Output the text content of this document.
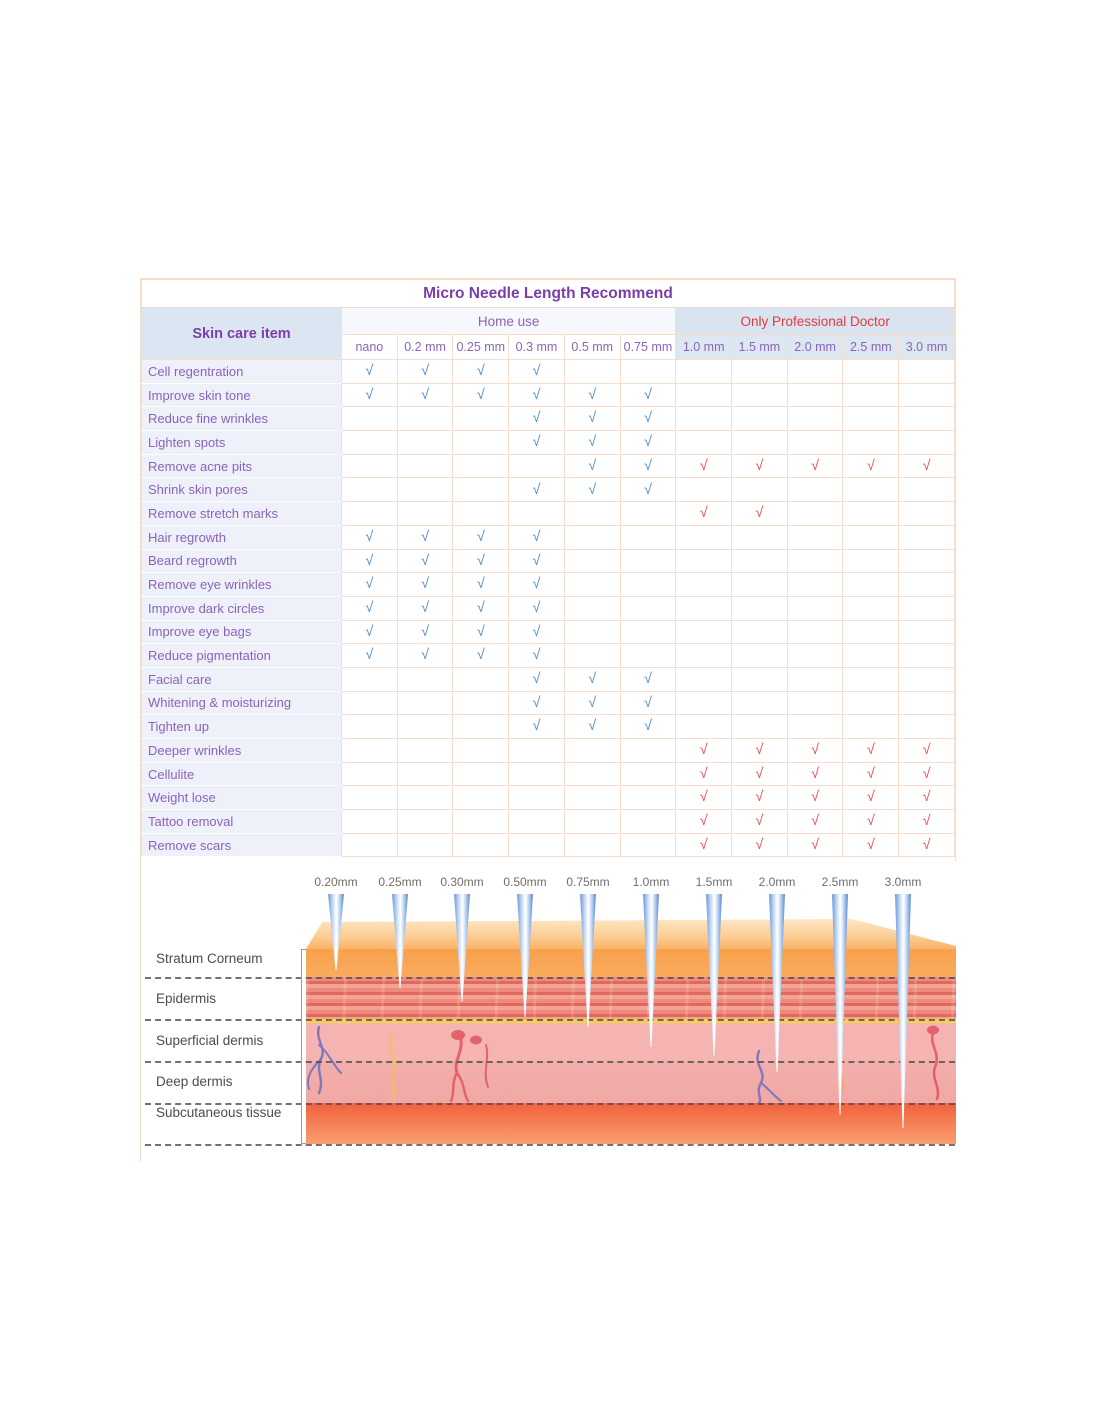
Micro Needle Length Recommend											
Skin care item	Home use						Only Professional Doctor				
	nano	0.2 mm	0.25 mm	0.3 mm	0.5 mm	0.75 mm	1.0 mm	1.5 mm	2.0 mm	2.5 mm	3.0 mm
Cell regentration	√	√	√	√							
Improve skin tone	√	√	√	√	√	√					
Reduce fine wrinkles				√	√	√					
Lighten spots				√	√	√					
Remove acne pits					√	√	√	√	√	√	√
Shrink skin pores				√	√	√					
Remove stretch marks							√	√			
Hair regrowth	√	√	√	√							
Beard regrowth	√	√	√	√							
Remove eye wrinkles	√	√	√	√							
Improve dark circles	√	√	√	√							
Improve eye bags	√	√	√	√							
Reduce pigmentation	√	√	√	√							
Facial care				√	√	√					
Whitening & moisturizing				√	√	√					
Tighten up				√	√	√					
Deeper wrinkles							√	√	√	√	√
Cellulite							√	√	√	√	√
Weight lose							√	√	√	√	√
Tattoo removal							√	√	√	√	√
Remove scars							√	√	√	√	√
0.20mm	0.25mm	0.30mm	0.50mm	0.75mm	1.0mm	1.5mm	2.0mm	2.5mm	3.0mm
Stratum Corneum
Epidermis
Superficial dermis
Deep dermis
Subcutaneous tissue
